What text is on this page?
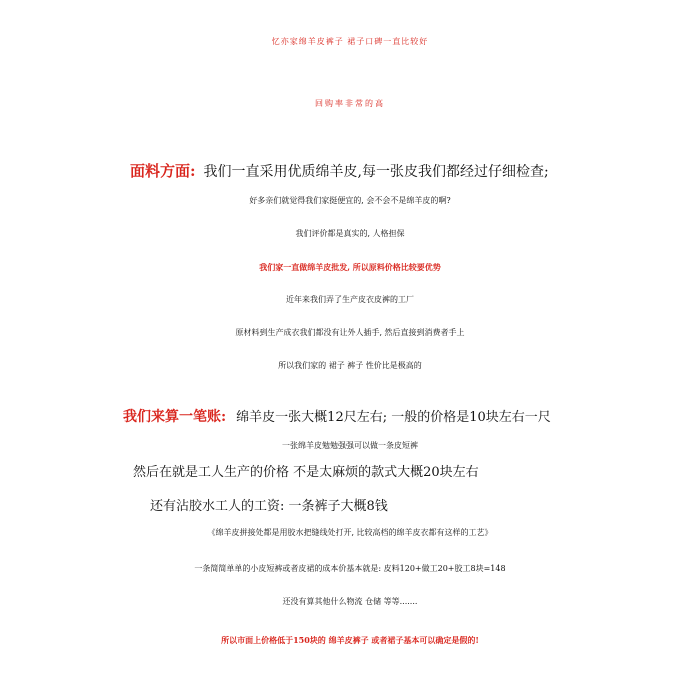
忆亦家绵羊皮裤子 裙子口碑一直比较好
回购率非常的高
面料方面: 我们一直采用优质绵羊皮,每一张皮我们都经过仔细检查;
好多亲们就觉得我们家挺便宜的, 会不会不是绵羊皮的啊?
我们评价都是真实的, 人格担保
我们家一直做绵羊皮批发, 所以原料价格比较要优势
近年来我们弄了生产皮衣皮裤的工厂
原材料到生产成衣我们都没有让外人插手, 然后直接到消费者手上
所以我们家的 裙子 裤子 性价比是极高的
我们来算一笔账: 绵羊皮一张大概12尺左右; 一般的价格是10块左右一尺
一张绵羊皮勉勉强强可以做一条皮短裤
然后在就是工人生产的价格 不是太麻烦的款式大概20块左右
还有沾胶水工人的工资: 一条裤子大概8钱
《绵羊皮拼接处都是用胶水把缝线处打开, 比较高档的绵羊皮衣都有这样的工艺》
一条简简单单的小皮短裤或者皮裙的成本价基本就是: 皮料120+做工20+胶工8块=148
还没有算其他什么物流 仓储 等等.......
所以市面上价格低于150块的 绵羊皮裤子 或者裙子基本可以确定是假的!
